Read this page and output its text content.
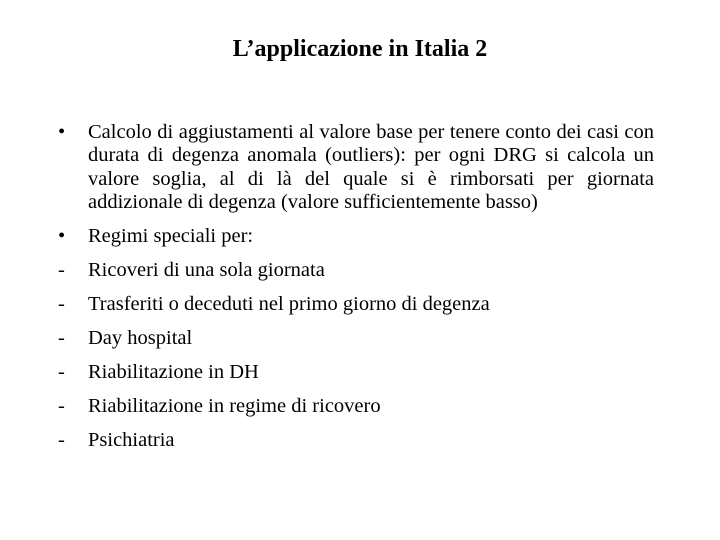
L’applicazione in Italia 2
•	Calcolo di aggiustamenti al valore base per tenere conto dei casi con durata di degenza anomala (outliers): per ogni DRG si calcola un valore soglia, al di là del quale si è rimborsati per giornata addizionale di degenza (valore sufficientemente basso)
•	Regimi speciali per:
-	Ricoveri di una sola giornata
-	Trasferiti o deceduti nel primo giorno di degenza
-	Day hospital
-	Riabilitazione in DH
-	Riabilitazione in regime di ricovero
-	Psichiatria
